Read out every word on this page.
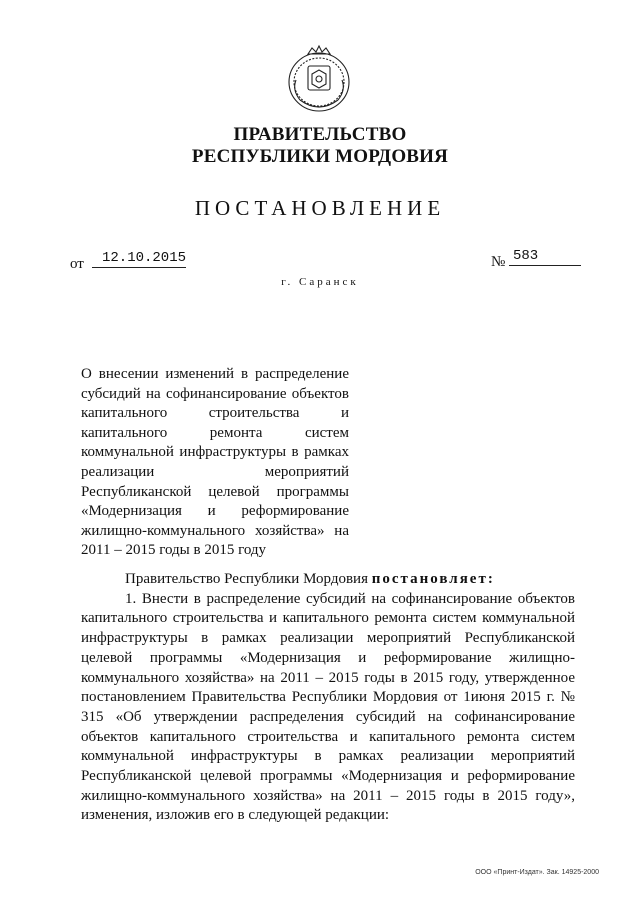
ПРАВИТЕЛЬСТВО
РЕСПУБЛИКИ МОРДОВИЯ
ПОСТАНОВЛЕНИЕ
от	12.10.2015	№ 583
г. Саранск
О внесении изменений в распределение субсидий на софинансирование объектов капитального строительства и капитального ремонта систем коммунальной инфраструктуры в рамках реализации мероприятий Республиканской целевой программы «Модернизация и реформирование жилищно-коммунального хозяйства» на 2011 – 2015 годы в 2015 году

Правительство Республики Мордовия постановляет:

1. Внести в распределение субсидий на софинансирование объектов капитального строительства и капитального ремонта систем коммунальной инфраструктуры в рамках реализации мероприятий Республиканской целевой программы «Модернизация и реформирование жилищно-коммунального хозяйства» на 2011 – 2015 годы в 2015 году, утвержденное постановлением Правительства Республики Мордовия от 1июня 2015 г. № 315 «Об утверждении распределения субсидий на софинансирование объектов капитального строительства и капитального ремонта систем коммунальной инфраструктуры в рамках реализации мероприятий Республиканской целевой программы «Модернизация и реформирование жилищно-коммунального хозяйства» на 2011 – 2015 годы в 2015 году», изменения, изложив его в следующей редакции:

ООО «Принт-Издат». Зак. 14925-2000
